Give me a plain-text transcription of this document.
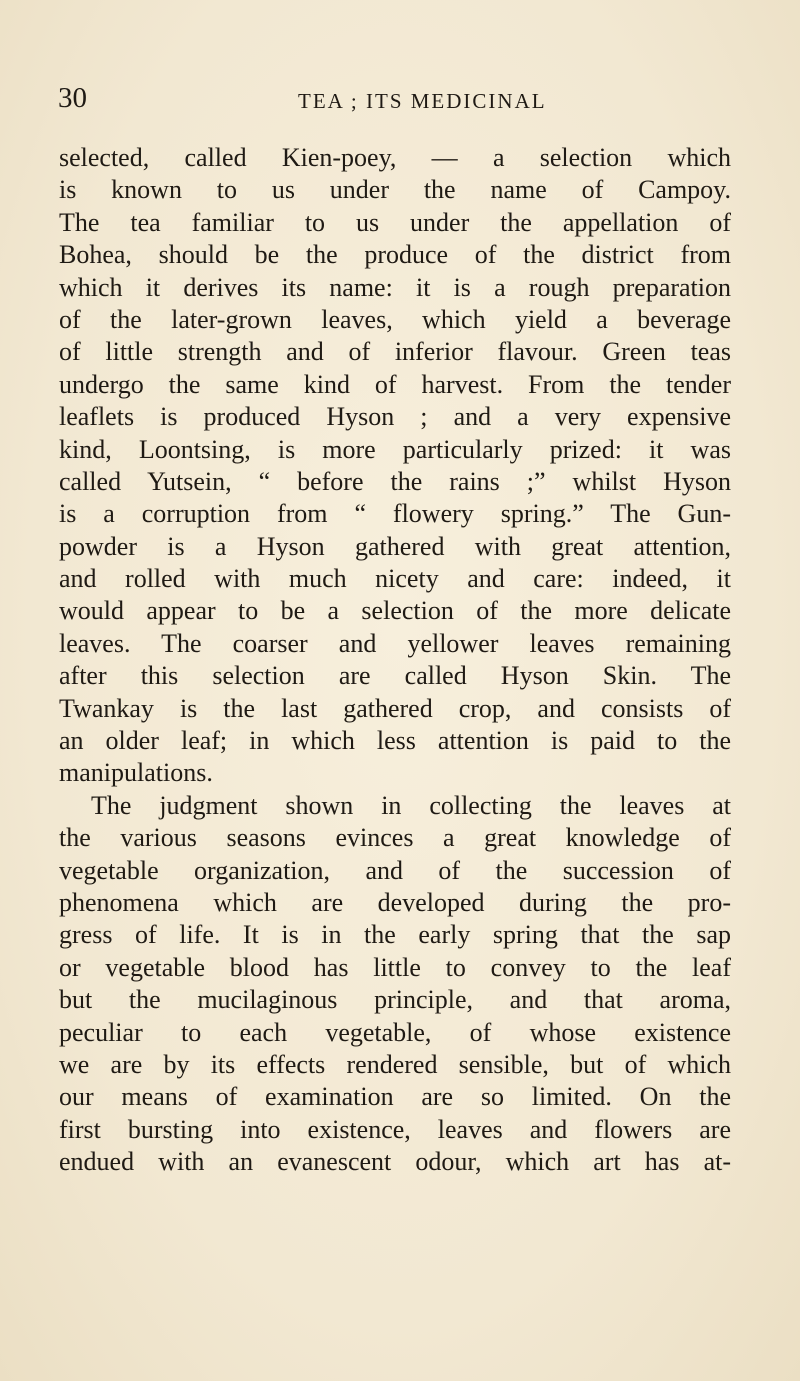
30	TEA ; ITS MEDICINAL
selected, called Kien-poey, — a selection which
is known to us under the name of Campoy.
The tea familiar to us under the appellation of
Bohea, should be the produce of the district from
which it derives its name: it is a rough preparation
of the later-grown leaves, which yield a beverage
of little strength and of inferior flavour. Green teas
undergo the same kind of harvest. From the tender
leaflets is produced Hyson ; and a very expensive
kind, Loontsing, is more particularly prized: it was
called Yutsein, “ before the rains ;” whilst Hyson
is a corruption from “ flowery spring.” The Gun-
powder is a Hyson gathered with great attention,
and rolled with much nicety and care: indeed, it
would appear to be a selection of the more delicate
leaves. The coarser and yellower leaves remaining
after this selection are called Hyson Skin. The
Twankay is the last gathered crop, and consists of
an older leaf; in which less attention is paid to the
manipulations.
The judgment shown in collecting the leaves at
the various seasons evinces a great knowledge of
vegetable organization, and of the succession of
phenomena which are developed during the pro-
gress of life. It is in the early spring that the sap
or vegetable blood has little to convey to the leaf
but the mucilaginous principle, and that aroma,
peculiar to each vegetable, of whose existence
we are by its effects rendered sensible, but of which
our means of examination are so limited. On the
first bursting into existence, leaves and flowers are
endued with an evanescent odour, which art has at-
